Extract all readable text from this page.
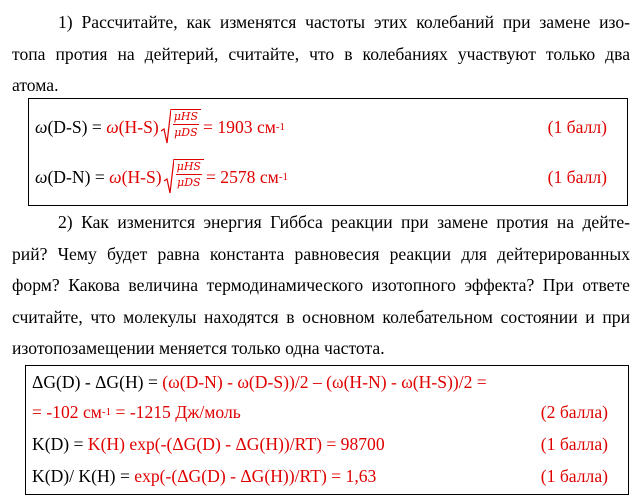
1) Рассчитайте, как изменятся частоты этих колебаний при замене изо-
топа протия на дейтерий, считайте, что в колебаниях участвуют только два
атома.
ω (D-S) = ω $(H-S) \frac{\text{μHS}}{\text{μDS}} = 1903$ см -1	(1 балл)
ω (D-N) = ω $(H-S) \frac{\text{μHS}}{\text{μDS}} = 2578$ см -1	(1 балл)
2) Как изменится энергия Гиббса реакции при замене протия на дейте-
рий? Чему будет равна константа равновесия реакции для дейтерированных
форм? Какова величина термодинамического изотопного эффекта? При ответе
считайте, что молекулы находятся в основном колебательном состоянии и при
изотопозамещении меняется только одна частота.
ΔG(D) - ΔG(H) = (ω(D-N) - ω(D-S))/2 – (ω(H-N) - ω(H-S))/2 =
= -102 см -1 = -1215 Дж/моль	(2 балла)
K(D) = K(H) exp(-(ΔG(D) - ΔG(H))/RT) = 98700	(1 балла)
K(D)/ K(H) = exp(-(ΔG(D) - ΔG(H))/RT) = 1,63	(1 балла)
